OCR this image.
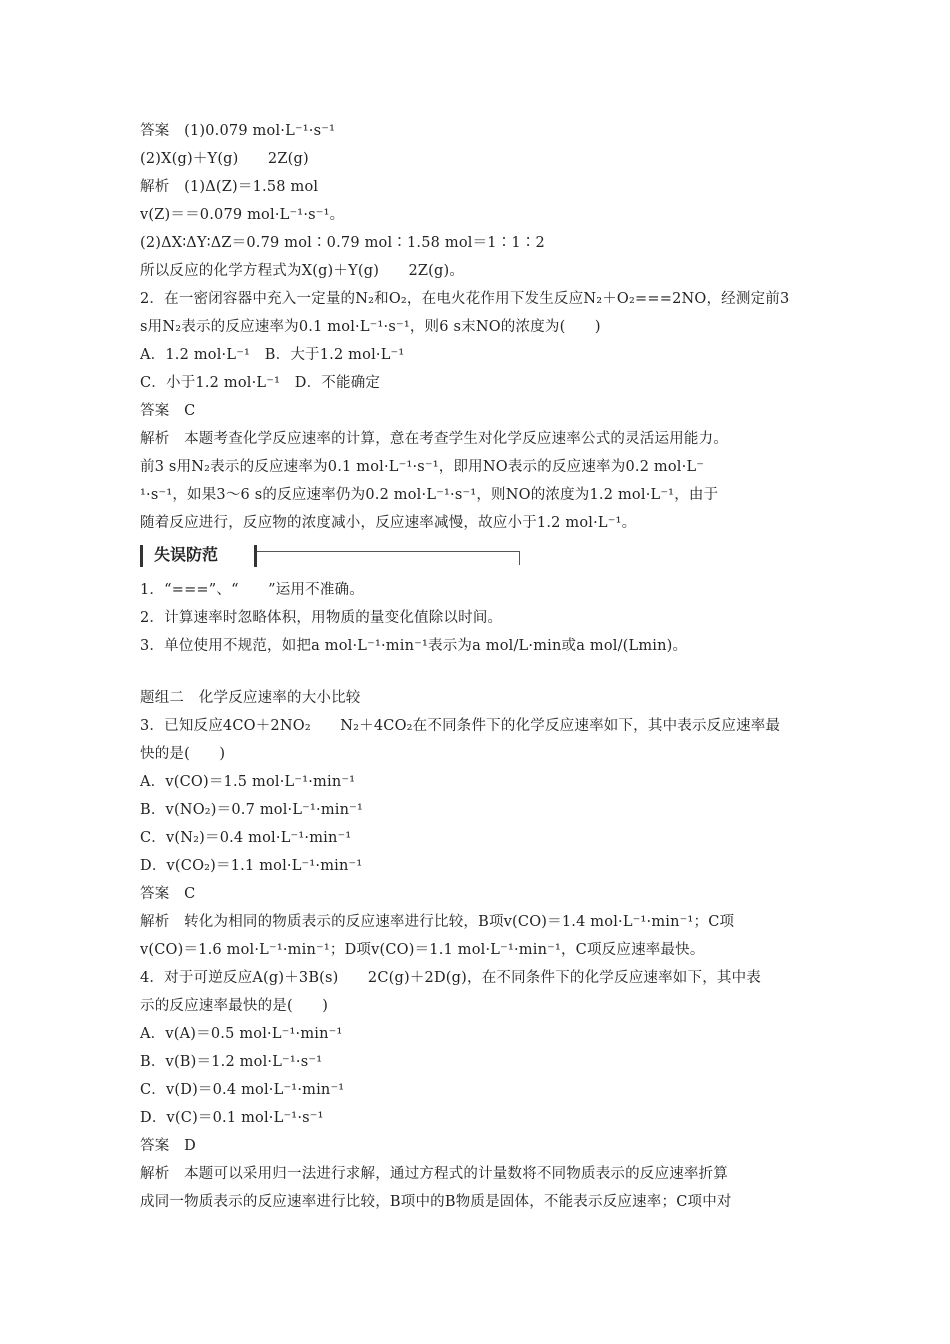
答案　(1)0.079 mol·L⁻¹·s⁻¹
(2)X(g)＋Y(g)　　2Z(g)
解析　(1)Δ(Z)＝1.58 mol
v(Z)＝＝0.079 mol·L⁻¹·s⁻¹。
(2)ΔX∶ΔY∶ΔZ＝0.79 mol∶0.79 mol∶1.58 mol＝1∶1∶2
所以反应的化学方程式为X(g)＋Y(g)　　2Z(g)。
2．在一密闭容器中充入一定量的N₂和O₂，在电火花作用下发生反应N₂＋O₂===2NO，经测定前3
s用N₂表示的反应速率为0.1 mol·L⁻¹·s⁻¹，则6 s末NO的浓度为(　　)
A．1.2 mol·L⁻¹　B．大于1.2 mol·L⁻¹
C．小于1.2 mol·L⁻¹　D．不能确定
答案　C
解析　本题考查化学反应速率的计算，意在考查学生对化学反应速率公式的灵活运用能力。
前3 s用N₂表示的反应速率为0.1 mol·L⁻¹·s⁻¹，即用NO表示的反应速率为0.2 mol·L⁻
¹·s⁻¹，如果3～6 s的反应速率仍为0.2 mol·L⁻¹·s⁻¹，则NO的浓度为1.2 mol·L⁻¹，由于
随着反应进行，反应物的浓度减小，反应速率减慢，故应小于1.2 mol·L⁻¹。
失误防范
1．“===”、“　　”运用不准确。
2．计算速率时忽略体积，用物质的量变化值除以时间。
3．单位使用不规范，如把a mol·L⁻¹·min⁻¹表示为a mol/L·min或a mol/(Lmin)。
题组二　化学反应速率的大小比较
3．已知反应4CO＋2NO₂　　N₂＋4CO₂在不同条件下的化学反应速率如下，其中表示反应速率最
快的是(　　)
A．v(CO)＝1.5 mol·L⁻¹·min⁻¹
B．v(NO₂)＝0.7 mol·L⁻¹·min⁻¹
C．v(N₂)＝0.4 mol·L⁻¹·min⁻¹
D．v(CO₂)＝1.1 mol·L⁻¹·min⁻¹
答案　C
解析　转化为相同的物质表示的反应速率进行比较，B项v(CO)＝1.4 mol·L⁻¹·min⁻¹；C项
v(CO)＝1.6 mol·L⁻¹·min⁻¹；D项v(CO)＝1.1 mol·L⁻¹·min⁻¹，C项反应速率最快。
4．对于可逆反应A(g)＋3B(s)　　2C(g)＋2D(g)，在不同条件下的化学反应速率如下，其中表
示的反应速率最快的是(　　)
A．v(A)＝0.5 mol·L⁻¹·min⁻¹
B．v(B)＝1.2 mol·L⁻¹·s⁻¹
C．v(D)＝0.4 mol·L⁻¹·min⁻¹
D．v(C)＝0.1 mol·L⁻¹·s⁻¹
答案　D
解析　本题可以采用归一法进行求解，通过方程式的计量数将不同物质表示的反应速率折算
成同一物质表示的反应速率进行比较，B项中的B物质是固体，不能表示反应速率；C项中对
